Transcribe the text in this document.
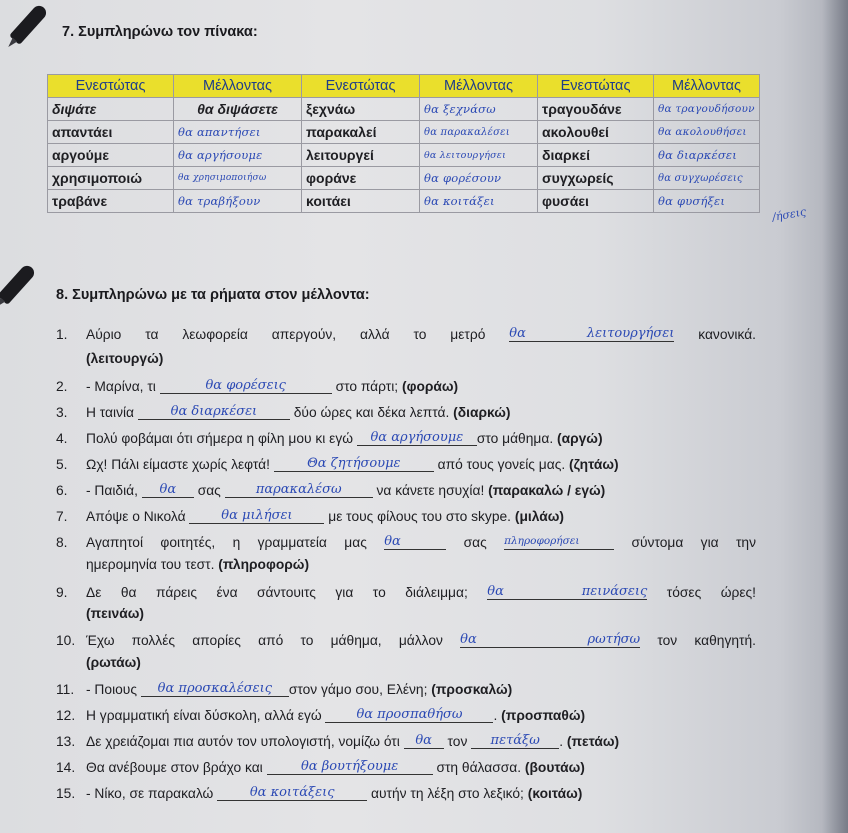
7. Συμπληρώνω τον πίνακα:
Ενεστώτας	Μέλλοντας	Ενεστώτας	Μέλλοντας	Ενεστώτας	Μέλλοντας
διψάτε	θα διψάσετε	ξεχνάω	θα ξεχνάσω	τραγουδάνε	θα τραγουδήσουν
απαντάει	θα απαντήσει	παρακαλεί	θα παρακαλέσει	ακολουθεί	θα ακολουθήσει
αργούμε	θα αργήσουμε	λειτουργεί	θα λειτουργήσει	διαρκεί	θα διαρκέσει
χρησιμοποιώ	θα χρησιμοποιήσω	φοράνε	θα φορέσουν	συγχωρείς	θα συγχωρέσεις
τραβάνε	θα τραβήξουν	κοιτάει	θα κοιτάξει	φυσάει	θα φυσήξει
/ήσεις
8. Συμπληρώνω με τα ρήματα στον μέλλοντα:
1. Αύριο τα λεωφορεία απεργούν, αλλά το μετρό θα λειτουργήσει κανονικά.
(λειτουργώ)
2. - Μαρίνα, τι	θα φορέσεις	στο πάρτι; (φοράω)
3. Η ταινία	θα διαρκέσει	δύο ώρες και δέκα λεπτά. (διαρκώ)
4. Πολύ φοβάμαι ότι σήμερα η φίλη μου κι εγώ θα αργήσουμε στο μάθημα. (αργώ)
5. Ωχ! Πάλι είμαστε χωρίς λεφτά!	Θα ζητήσουμε	από τους γονείς μας. (ζητάω)
6. - Παιδιά, θα σας	παρακαλέσω	να κάνετε ησυχία! (παρακαλώ / εγώ)
7. Απόψε ο Νικολά	θα μιλήσει	με τους φίλους του στο skype. (μιλάω)
8. Αγαπητοί φοιτητές, η γραμματεία μας θα	σας πληροφορήσει	σύντομα για την
ημερομηνία του τεστ. (πληροφορώ)
9. Δε θα πάρεις ένα σάντουιτς για το διάλειμμα; θα πεινάσεις τόσες ώρες!
(πεινάω)
10. Έχω πολλές απορίες από το μάθημα, μάλλον θα ρωτήσω τον καθηγητή.
(ρωτάω)
11. - Ποιους θα προσκαλέσεις στον γάμο σου, Ελένη; (προσκαλώ)
12. Η γραμματική είναι δύσκολη, αλλά εγώ	θα προσπαθήσω . (προσπαθώ)
13. Δε χρειάζομαι πια αυτόν τον υπολογιστή, νομίζω ότι θα τον πετάξω . (πετάω)
14. Θα ανέβουμε στον βράχο και	θα βουτήξουμε	στη θάλασσα. (βουτάω)
15. - Νίκο, σε παρακαλώ	θα κοιτάξεις	αυτήν τη λέξη στο λεξικό; (κοιτάω)
